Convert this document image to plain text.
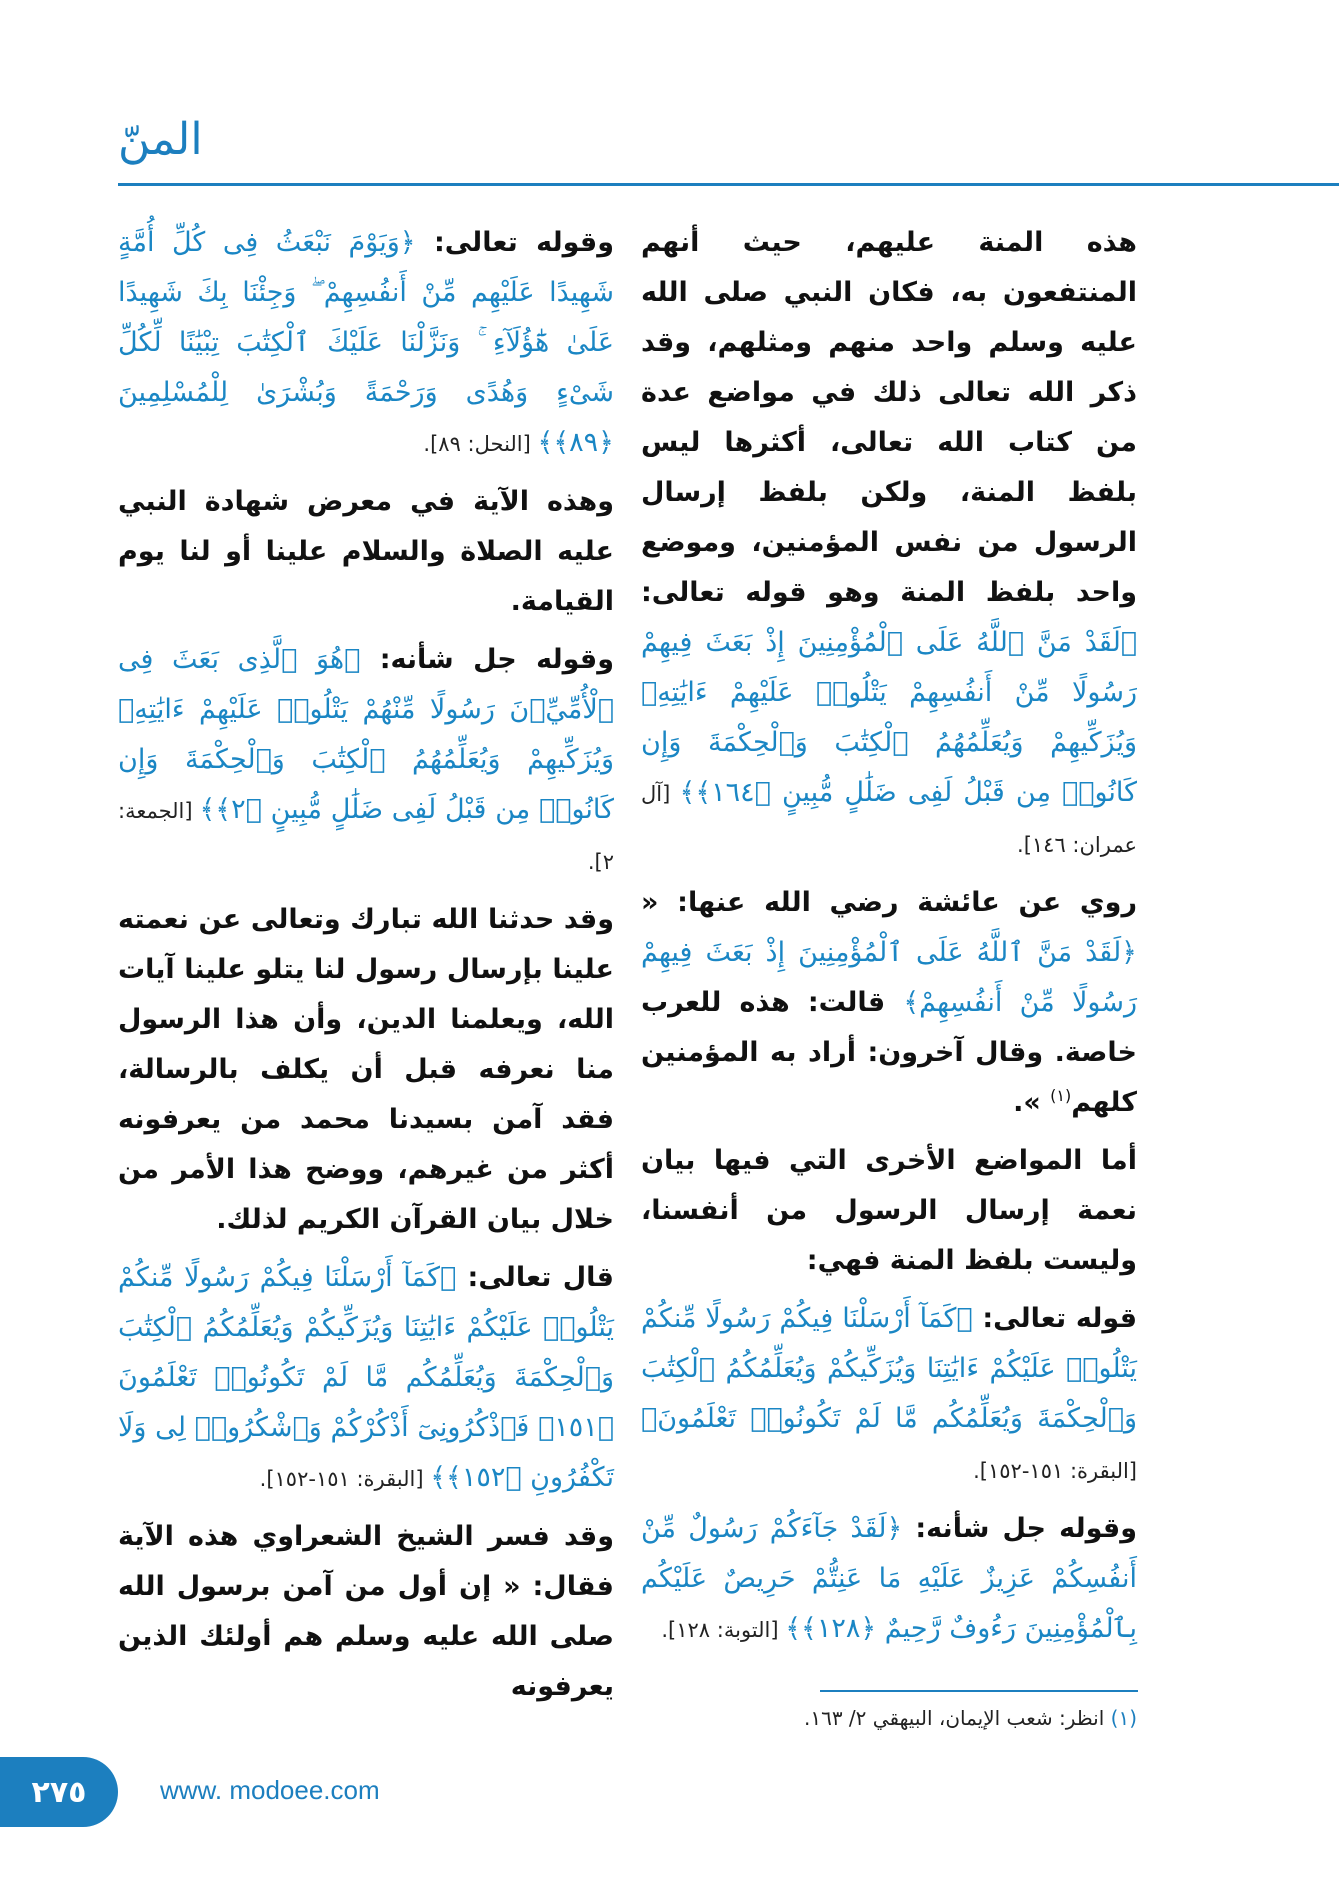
المنّ

هذه المنة عليهم، حيث أنهم المنتفعون به، فكان النبي صلى الله عليه وسلم واحد منهم ومثلهم، وقد ذكر الله تعالى ذلك في مواضع عدة من كتاب الله تعالى، أكثرها ليس بلفظ المنة، ولكن بلفظ إرسال الرسول من نفس المؤمنين، وموضع واحد بلفظ المنة وهو قوله تعالى: ﴿لَقَدْ مَنَّ ٱللَّهُ عَلَى ٱلْمُؤْمِنِينَ إِذْ بَعَثَ فِيهِمْ رَسُولًا مِّنْ أَنفُسِهِمْ يَتْلُوا۟ عَلَيْهِمْ ءَايَٰتِهِۦ وَيُزَكِّيهِمْ وَيُعَلِّمُهُمُ ٱلْكِتَٰبَ وَٱلْحِكْمَةَ وَإِن كَانُوا۟ مِن قَبْلُ لَفِى ضَلَٰلٍ مُّبِينٍ ﴿١٦٤﴾﴾ [آل عمران: ١٤٦].

روي عن عائشة رضي الله عنها: « ﴿لَقَدْ مَنَّ ٱللَّهُ عَلَى ٱلْمُؤْمِنِينَ إِذْ بَعَثَ فِيهِمْ رَسُولًا مِّنْ أَنفُسِهِمْ﴾ قالت: هذه للعرب خاصة. وقال آخرون: أراد به المؤمنين كلهم$^{(١)}$ ».

أما المواضع الأخرى التي فيها بيان نعمة إرسال الرسول من أنفسنا، وليست بلفظ المنة فهي:

قوله تعالى: ﴿كَمَآ أَرْسَلْنَا فِيكُمْ رَسُولًا مِّنكُمْ يَتْلُوا۟ عَلَيْكُمْ ءَايَٰتِنَا وَيُزَكِّيكُمْ وَيُعَلِّمُكُمُ ٱلْكِتَٰبَ وَٱلْحِكْمَةَ وَيُعَلِّمُكُم مَّا لَمْ تَكُونُوا۟ تَعْلَمُونَ﴾ [البقرة: ١٥١-١٥٢].

وقوله جل شأنه: ﴿لَقَدْ جَآءَكُمْ رَسُولٌ مِّنْ أَنفُسِكُمْ عَزِيزٌ عَلَيْهِ مَا عَنِتُّمْ حَرِيصٌ عَلَيْكُم بِٱلْمُؤْمِنِينَ رَءُوفٌ رَّحِيمٌ ﴿١٢٨﴾﴾ [التوبة: ١٢٨].

وقوله تعالى: ﴿وَيَوْمَ نَبْعَثُ فِى كُلِّ أُمَّةٍ شَهِيدًا عَلَيْهِم مِّنْ أَنفُسِهِمْ ۖ وَجِئْنَا بِكَ شَهِيدًا عَلَىٰ هَٰٓؤُلَآءِ ۚ وَنَزَّلْنَا عَلَيْكَ ٱلْكِتَٰبَ تِبْيَٰنًا لِّكُلِّ شَىْءٍ وَهُدًى وَرَحْمَةً وَبُشْرَىٰ لِلْمُسْلِمِينَ ﴿٨٩﴾﴾ [النحل: ٨٩].

وهذه الآية في معرض شهادة النبي عليه الصلاة والسلام علينا أو لنا يوم القيامة.

وقوله جل شأنه: ﴿هُوَ ٱلَّذِى بَعَثَ فِى ٱلْأُمِّيِّۦنَ رَسُولًا مِّنْهُمْ يَتْلُوا۟ عَلَيْهِمْ ءَايَٰتِهِۦ وَيُزَكِّيهِمْ وَيُعَلِّمُهُمُ ٱلْكِتَٰبَ وَٱلْحِكْمَةَ وَإِن كَانُوا۟ مِن قَبْلُ لَفِى ضَلَٰلٍ مُّبِينٍ ﴿٢﴾﴾ [الجمعة: ٢].

وقد حدثنا الله تبارك وتعالى عن نعمته علينا بإرسال رسول لنا يتلو علينا آيات الله، ويعلمنا الدين، وأن هذا الرسول منا نعرفه قبل أن يكلف بالرسالة، فقد آمن بسيدنا محمد من يعرفونه أكثر من غيرهم، ووضح هذا الأمر من خلال بيان القرآن الكريم لذلك.

قال تعالى: ﴿كَمَآ أَرْسَلْنَا فِيكُمْ رَسُولًا مِّنكُمْ يَتْلُوا۟ عَلَيْكُمْ ءَايَٰتِنَا وَيُزَكِّيكُمْ وَيُعَلِّمُكُمُ ٱلْكِتَٰبَ وَٱلْحِكْمَةَ وَيُعَلِّمُكُم مَّا لَمْ تَكُونُوا۟ تَعْلَمُونَ ﴿١٥١﴾ فَٱذْكُرُونِىٓ أَذْكُرْكُمْ وَٱشْكُرُوا۟ لِى وَلَا تَكْفُرُونِ ﴿١٥٢﴾﴾ [البقرة: ١٥١-١٥٢].

وقد فسر الشيخ الشعراوي هذه الآية فقال: « إن أول من آمن برسول الله صلى الله عليه وسلم هم أولئك الذين يعرفونه

(١) انظر: شعب الإيمان، البيهقي ٢/ ١٦٣.
٢٧٥	www. modoee.com
